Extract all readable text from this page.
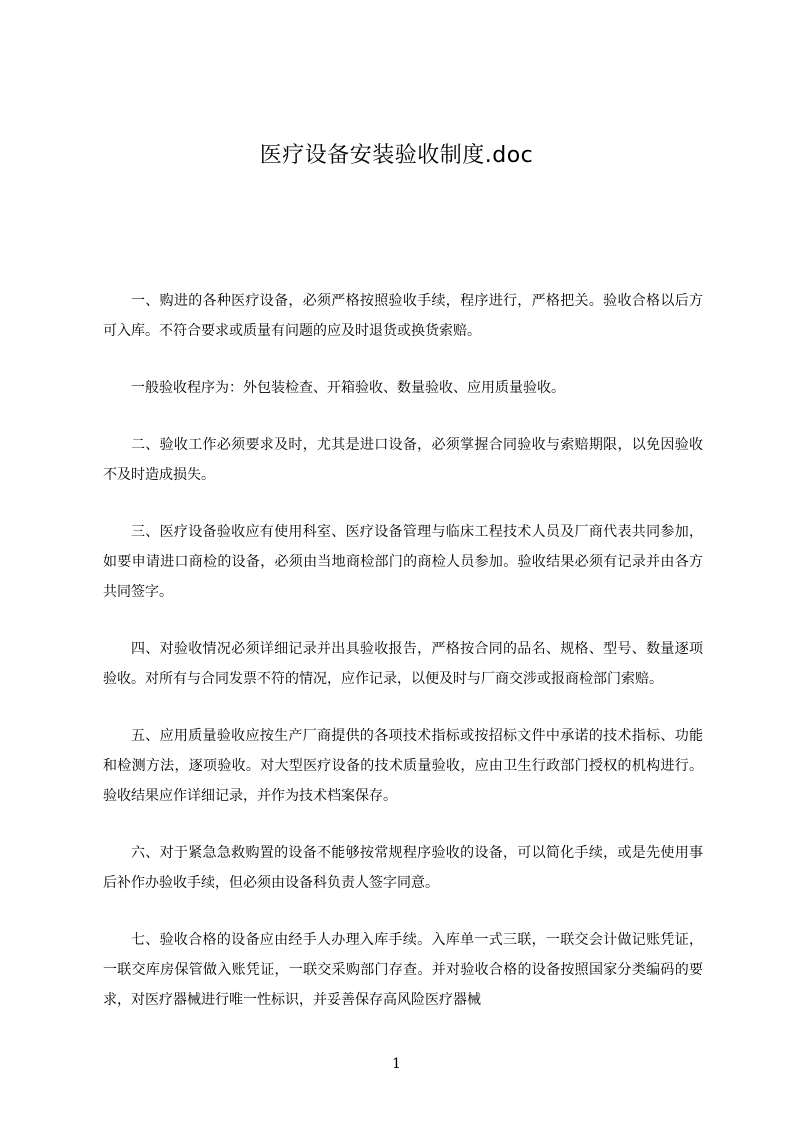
医疗设备安装验收制度.doc

一、购进的各种医疗设备，必须严格按照验收手续，程序进行，严格把关。验收合格以后方可入库。不符合要求或质量有问题的应及时退货或换货索赔。

一般验收程序为：外包装检查、开箱验收、数量验收、应用质量验收。

二、验收工作必须要求及时，尤其是进口设备，必须掌握合同验收与索赔期限，以免因验收不及时造成损失。

三、医疗设备验收应有使用科室、医疗设备管理与临床工程技术人员及厂商代表共同参加，如要申请进口商检的设备，必须由当地商检部门的商检人员参加。验收结果必须有记录并由各方共同签字。

四、对验收情况必须详细记录并出具验收报告，严格按合同的品名、规格、型号、数量逐项验收。对所有与合同发票不符的情况，应作记录，以便及时与厂商交涉或报商检部门索赔。

五、应用质量验收应按生产厂商提供的各项技术指标或按招标文件中承诺的技术指标、功能和检测方法，逐项验收。对大型医疗设备的技术质量验收，应由卫生行政部门授权的机构进行。验收结果应作详细记录，并作为技术档案保存。

六、对于紧急急救购置的设备不能够按常规程序验收的设备，可以简化手续，或是先使用事后补作办验收手续，但必须由设备科负责人签字同意。

七、验收合格的设备应由经手人办理入库手续。入库单一式三联，一联交会计做记账凭证，一联交库房保管做入账凭证，一联交采购部门存查。并对验收合格的设备按照国家分类编码的要求，对医疗器械进行唯一性标识，并妥善保存高风险医疗器械

1
